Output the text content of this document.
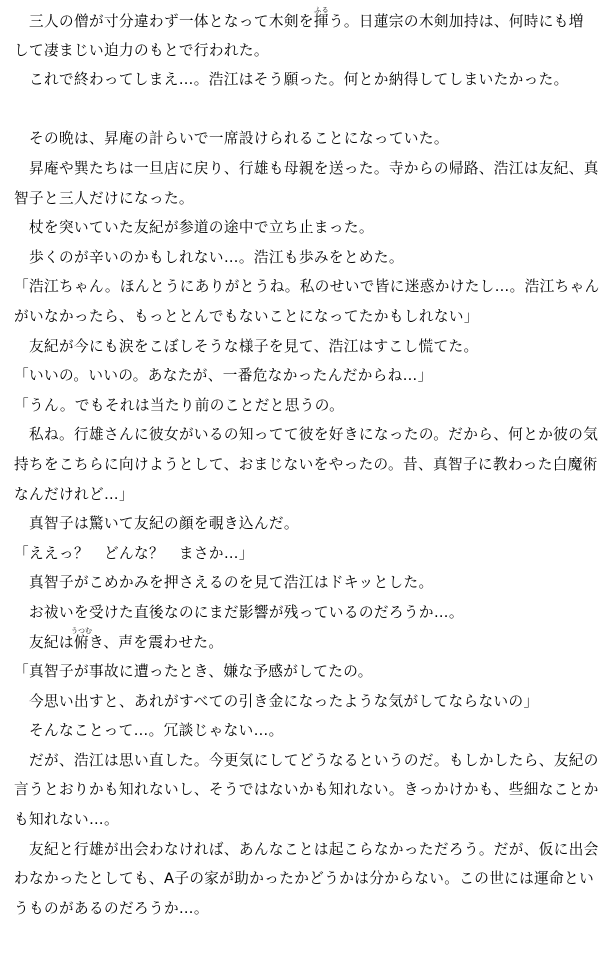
三人の僧が寸分違わず一体となって木剣を揮ふるう。日蓮宗の木剣加持は、何時にも増
して凄まじい迫力のもとで行われた。
これで終わってしまえ…。浩江はそう願った。何とか納得してしまいたかった。
その晩は、昇庵の計らいで一席設けられることになっていた。
昇庵や巽たちは一旦店に戻り、行雄も母親を送った。寺からの帰路、浩江は友紀、真
智子と三人だけになった。
杖を突いていた友紀が参道の途中で立ち止まった。
歩くのが辛いのかもしれない…。浩江も歩みをとめた。
「浩江ちゃん。ほんとうにありがとうね。私のせいで皆に迷惑かけたし…。浩江ちゃん
がいなかったら、もっととんでもないことになってたかもしれない」
友紀が今にも涙をこぼしそうな様子を見て、浩江はすこし慌てた。
「いいの。いいの。あなたが、一番危なかったんだからね…」
「うん。でもそれは当たり前のことだと思うの。
私ね。行雄さんに彼女がいるの知ってて彼を好きになったの。だから、何とか彼の気
持ちをこちらに向けようとして、おまじないをやったの。昔、真智子に教わった白魔術
なんだけれど…」
真智子は驚いて友紀の顔を覗き込んだ。
「ええっ？　どんな？　まさか…」
真智子がこめかみを押さえるのを見て浩江はドキッとした。
お祓いを受けた直後なのにまだ影響が残っているのだろうか…。
友紀は俯うつむき、声を震わせた。
「真智子が事故に遭ったとき、嫌な予感がしてたの。
今思い出すと、あれがすべての引き金になったような気がしてならないの」
そんなことって…。冗談じゃない…。
だが、浩江は思い直した。今更気にしてどうなるというのだ。もしかしたら、友紀の
言うとおりかも知れないし、そうではないかも知れない。きっかけかも、些細なことか
も知れない…。
友紀と行雄が出会わなければ、あんなことは起こらなかっただろう。だが、仮に出会
わなかったとしても、A子の家が助かったかどうかは分からない。この世には運命とい
うものがあるのだろうか…。
